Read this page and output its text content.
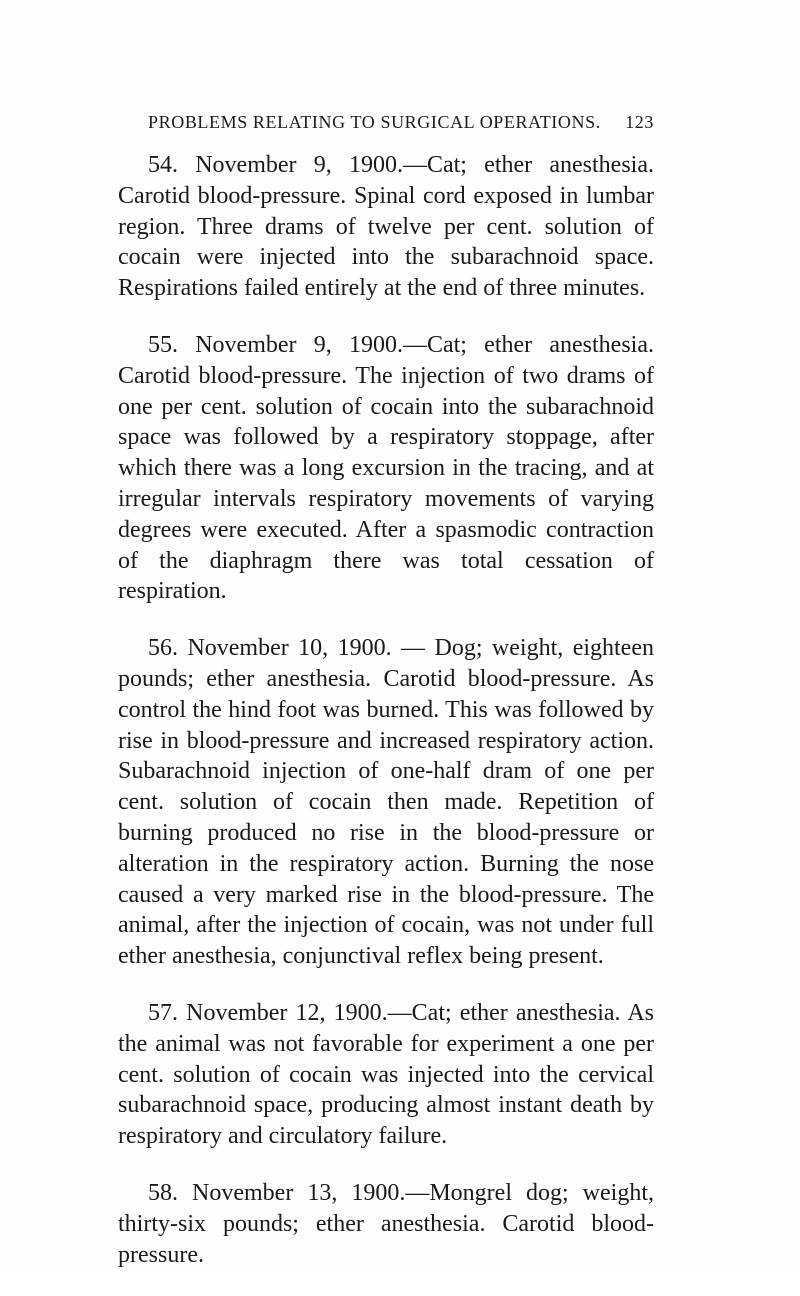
PROBLEMS RELATING TO SURGICAL OPERATIONS. 123

54. November 9, 1900.—Cat; ether anesthesia. Carotid blood-pressure. Spinal cord exposed in lumbar region. Three drams of twelve per cent. solution of cocain were injected into the subarachnoid space. Respirations failed entirely at the end of three minutes.

55. November 9, 1900.—Cat; ether anesthesia. Carotid blood-pressure. The injection of two drams of one per cent. solution of cocain into the subarachnoid space was followed by a respiratory stoppage, after which there was a long excursion in the tracing, and at irregular intervals respiratory movements of varying degrees were executed. After a spasmodic contraction of the diaphragm there was total cessation of respiration.

56. November 10, 1900. — Dog; weight, eighteen pounds; ether anesthesia. Carotid blood-pressure. As control the hind foot was burned. This was followed by rise in blood-pressure and increased respiratory action. Subarachnoid injection of one-half dram of one per cent. solution of cocain then made. Repetition of burning produced no rise in the blood-pressure or alteration in the respiratory action. Burning the nose caused a very marked rise in the blood-pressure. The animal, after the injection of cocain, was not under full ether anesthesia, conjunctival reflex being present.

57. November 12, 1900.—Cat; ether anesthesia. As the animal was not favorable for experiment a one per cent. solution of cocain was injected into the cervical subarachnoid space, producing almost instant death by respiratory and circulatory failure.

58. November 13, 1900.—Mongrel dog; weight, thirty-six pounds; ether anesthesia. Carotid blood-pressure.
